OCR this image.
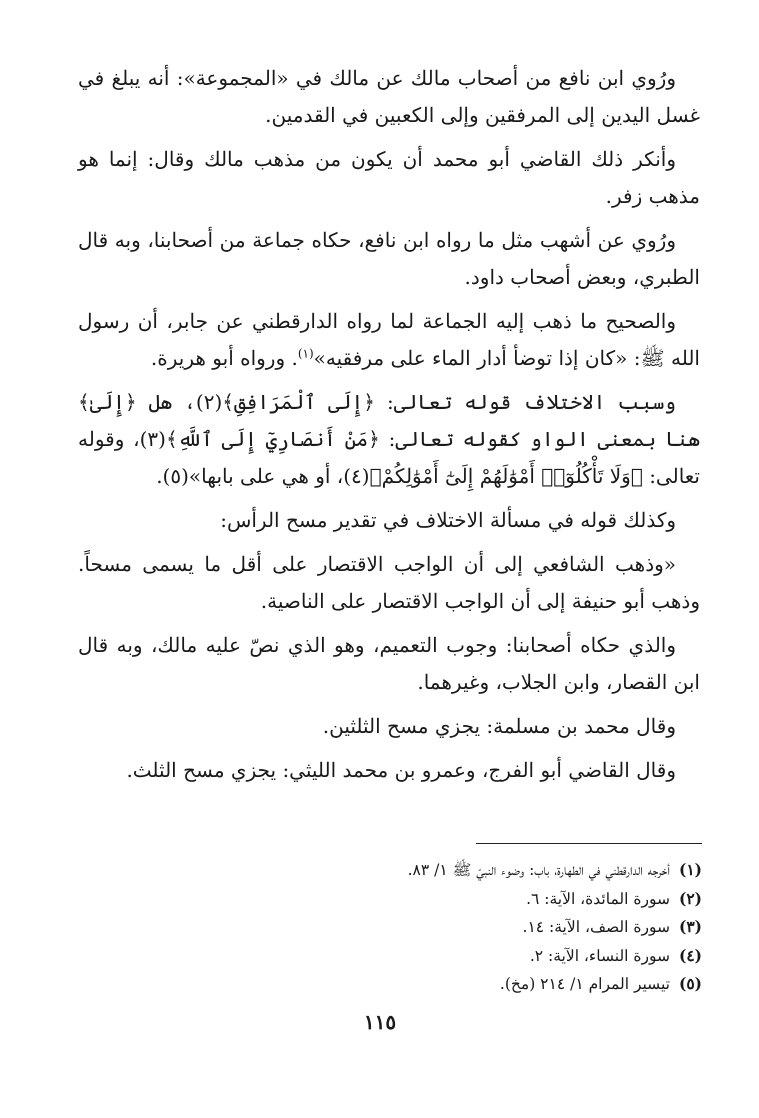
ورُوي ابن نافع من أصحاب مالك عن مالك في «المجموعة»: أنه يبلغ في غسل اليدين إلى المرفقين وإلى الكعبين في القدمين.

وأنكر ذلك القاضي أبو محمد أن يكون من مذهب مالك وقال: إنما هو مذهب زفر.

ورُوي عن أشهب مثل ما رواه ابن نافع، حكاه جماعة من أصحابنا، وبه قال الطبري، وبعض أصحاب داود.

والصحيح ما ذهب إليه الجماعة لما رواه الدارقطني عن جابر، أن رسول الله ﷺ: «كان إذا توضأ أدار الماء على مرفقيه»$^{(١)}$. ورواه أبو هريرة.

وسبب الاختلاف قوله تعالى: ﴿إِلَى ٱلْمَرَافِقِ﴾(٢)، هل ﴿إِلَىٰ﴾ هنا بمعنى الواو كقوله تعالى: ﴿مَنْ أَنصَارِيٓ إِلَى ٱللَّهِ﴾(٣)، وقوله تعالى: ﴿وَلَا تَأْكُلُوٓا۟ أَمْوَٰلَهُمْ إِلَىٰٓ أَمْوَٰلِكُمْ﴾(٤)، أو هي على بابها»(٥).

وكذلك قوله في مسألة الاختلاف في تقدير مسح الرأس:

«وذهب الشافعي إلى أن الواجب الاقتصار على أقل ما يسمى مسحاً. وذهب أبو حنيفة إلى أن الواجب الاقتصار على الناصية.

والذي حكاه أصحابنا: وجوب التعميم، وهو الذي نصّ عليه مالك، وبه قال ابن القصار، وابن الجلاب، وغيرهما.

وقال محمد بن مسلمة: يجزي مسح الثلثين.

وقال القاضي أبو الفرج، وعمرو بن محمد الليثي: يجزي مسح الثلث.

(١)
أخرجه الدارقطني في الطهارة، باب: وضوء النبيّ ﷺ ١/ ٨٣.
(٢)
سورة المائدة، الآية: ٦.
(٣)
سورة الصف، الآية: ١٤.
(٤)
سورة النساء، الآية: ٢.
(٥)
تيسير المرام ١/ ٢١٤ (مخ).
١١٥
